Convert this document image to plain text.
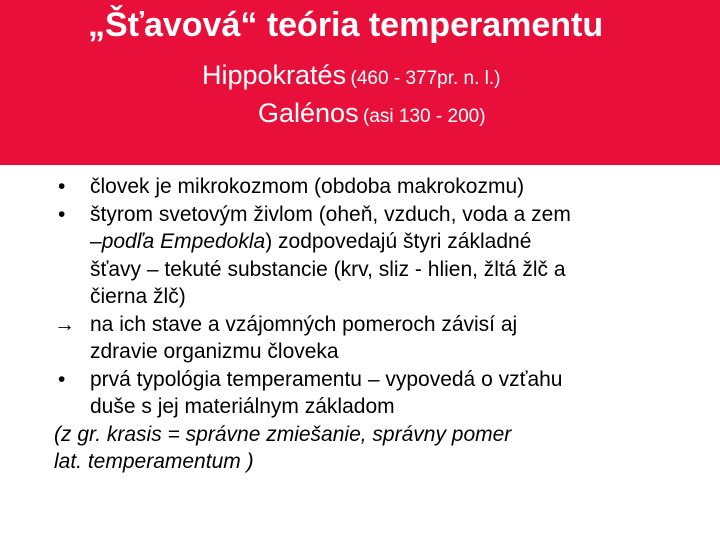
„Šťavová“ teória temperamentu
Hippokratés (460 - 377pr. n. l.)
Galénos (asi 130 - 200)
• človek je mikrokozmom (obdoba makrokozmu)
• štyrom svetovým živlom (oheň, vzduch, voda a zem
–podľa Empedokla) zodpovedajú štyri základné
šťavy – tekuté substancie (krv, sliz - hlien, žltá žlč a
čierna žlč)
→ na ich stave a vzájomných pomeroch závisí aj
zdravie organizmu človeka
• prvá typológia temperamentu – vypovedá o vzťahu
duše s jej materiálnym základom
(z gr. krasis = správne zmiešanie, správny pomer
lat. temperamentum )
